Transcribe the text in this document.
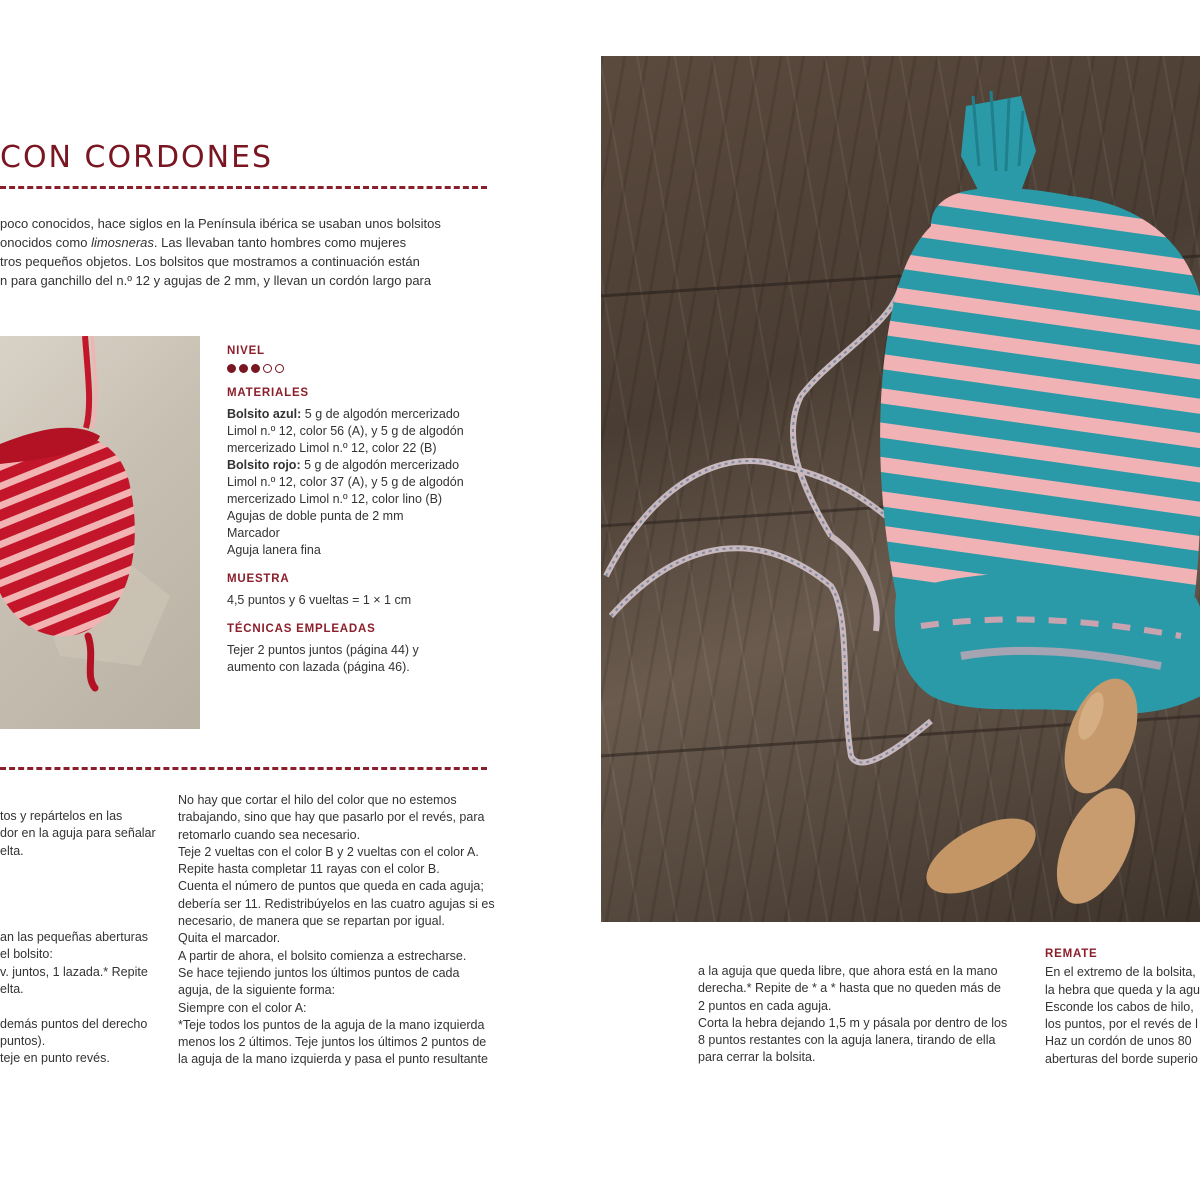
CON CORDONES

poco conocidos, hace siglos en la Península ibérica se usaban unos bolsitos

onocidos como limosneras. Las llevaban tanto hombres como mujeres

tros pequeños objetos. Los bolsitos que mostramos a continuación están

n para ganchillo del n.º 12 y agujas de 2 mm, y llevan un cordón largo para

NIVEL
MATERIALES
Bolsito azul: 5 g de algodón mercerizado
Limol n.º 12, color 56 (A), y 5 g de algodón
mercerizado Limol n.º 12, color 22 (B)
Bolsito rojo: 5 g de algodón mercerizado
Limol n.º 12, color 37 (A), y 5 g de algodón
mercerizado Limol n.º 12, color lino (B)
Agujas de doble punta de 2 mm
Marcador
Aguja lanera fina
MUESTRA
4,5 puntos y 6 vueltas = 1 × 1 cm
TÉCNICAS EMPLEADAS
Tejer 2 puntos juntos (página 44) y
aumento con lazada (página 46).
tos y repártelos en las
dor en la aguja para señalar
elta.

an las pequeñas aberturas
el bolsito:
v. juntos, 1 lazada.* Repite
elta.

demás puntos del derecho
puntos).
teje en punto revés.
No hay que cortar el hilo del color que no estemos
trabajando, sino que hay que pasarlo por el revés, para
retomarlo cuando sea necesario.
Teje 2 vueltas con el color B y 2 vueltas con el color A.
Repite hasta completar 11 rayas con el color B.
Cuenta el número de puntos que queda en cada aguja;
debería ser 11. Redistribúyelos en las cuatro agujas si es
necesario, de manera que se repartan por igual.
Quita el marcador.
A partir de ahora, el bolsito comienza a estrecharse.
Se hace tejiendo juntos los últimos puntos de cada
aguja, de la siguiente forma:
Siempre con el color A:
*Teje todos los puntos de la aguja de la mano izquierda
menos los 2 últimos. Teje juntos los últimos 2 puntos de
la aguja de la mano izquierda y pasa el punto resultante
a la aguja que queda libre, que ahora está en la mano
derecha.* Repite de * a * hasta que no queden más de
2 puntos en cada aguja.
Corta la hebra dejando 1,5 m y pásala por dentro de los
8 puntos restantes con la aguja lanera, tirando de ella
para cerrar la bolsita.
REMATE
En el extremo de la bolsita,
la hebra que queda y la agu
Esconde los cabos de hilo,
los puntos, por el revés de l
Haz un cordón de unos 80
aberturas del borde superio
